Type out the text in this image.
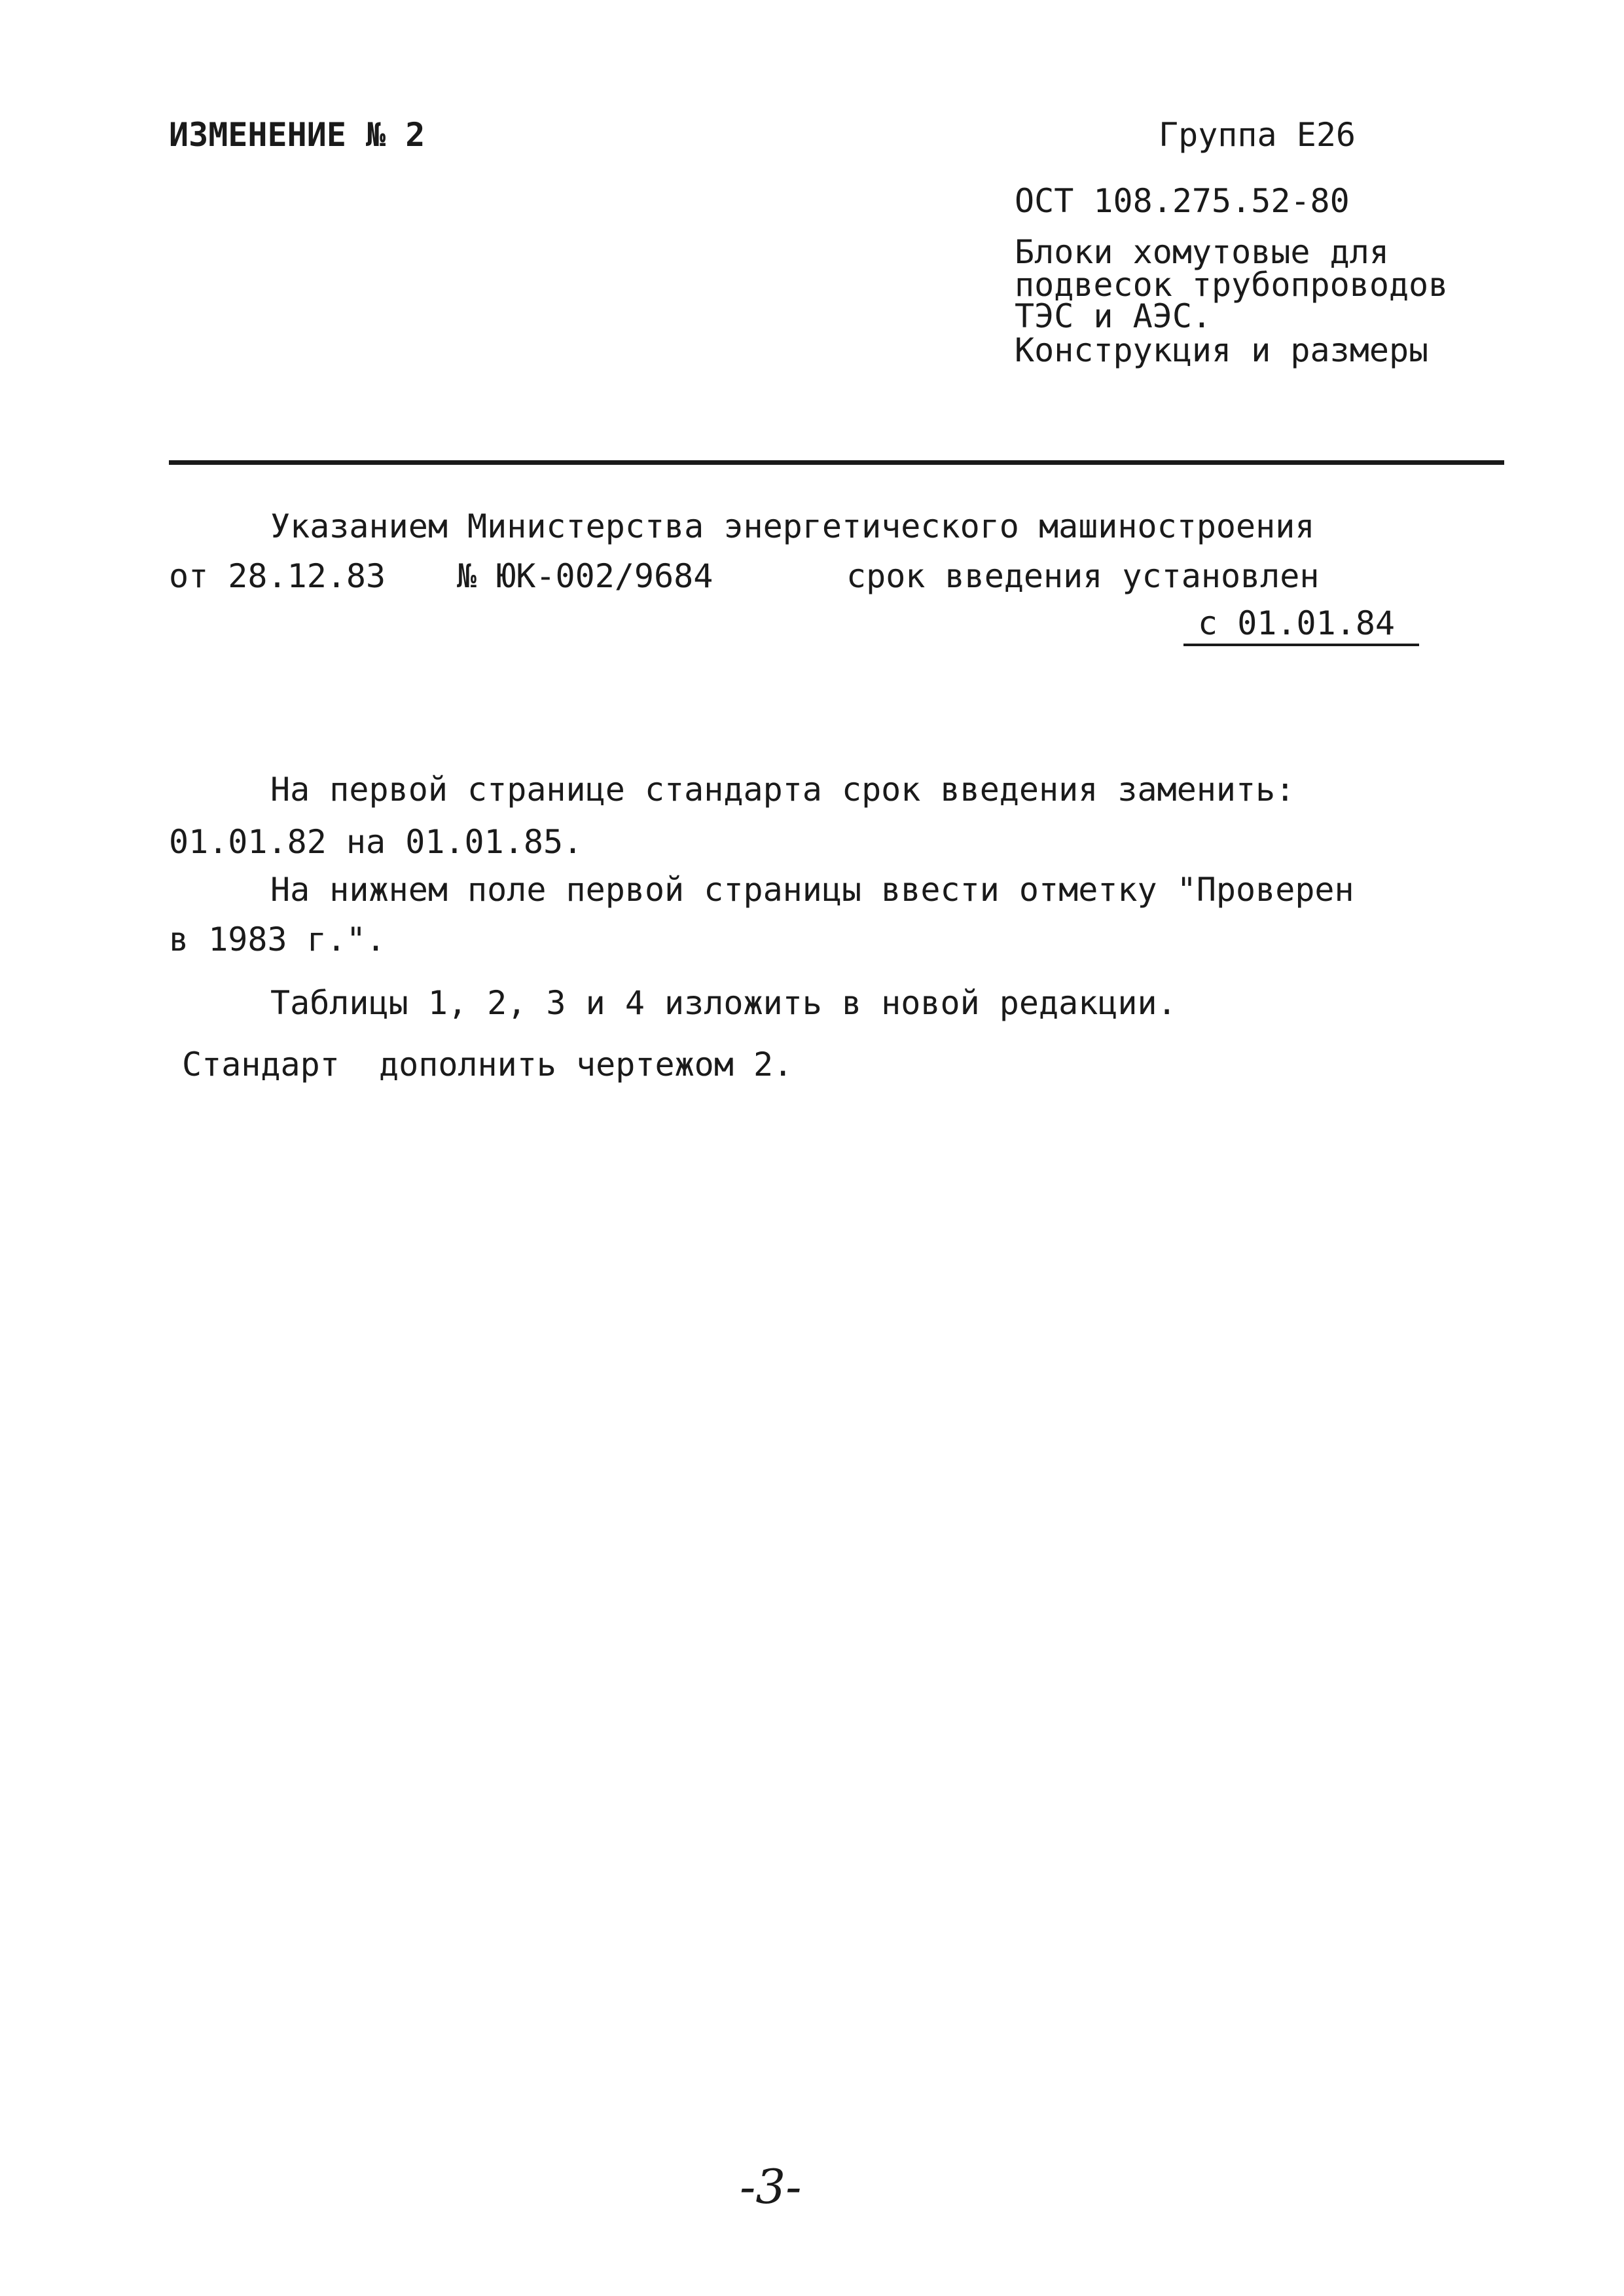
ИЗМЕНЕНИЕ № 2	Группа Е26
ОСТ 108.275.52-80
Блоки хомутовые для
подвесок трубопроводов
ТЭС и АЭС.
Конструкция и размеры
Указанием Министерства энергетического машиностроения
от 28.12.83 № ЮК-002/9684	срок введения установлен
с 01.01.84
На первой странице стандарта срок введения заменить:
01.01.82 на 01.01.85.
На нижнем поле первой страницы ввести отметку "Проверен
в 1983 г.".
Таблицы 1, 2, 3 и 4 изложить в новой редакции.
Стандарт  дополнить чертежом 2.
-3-
